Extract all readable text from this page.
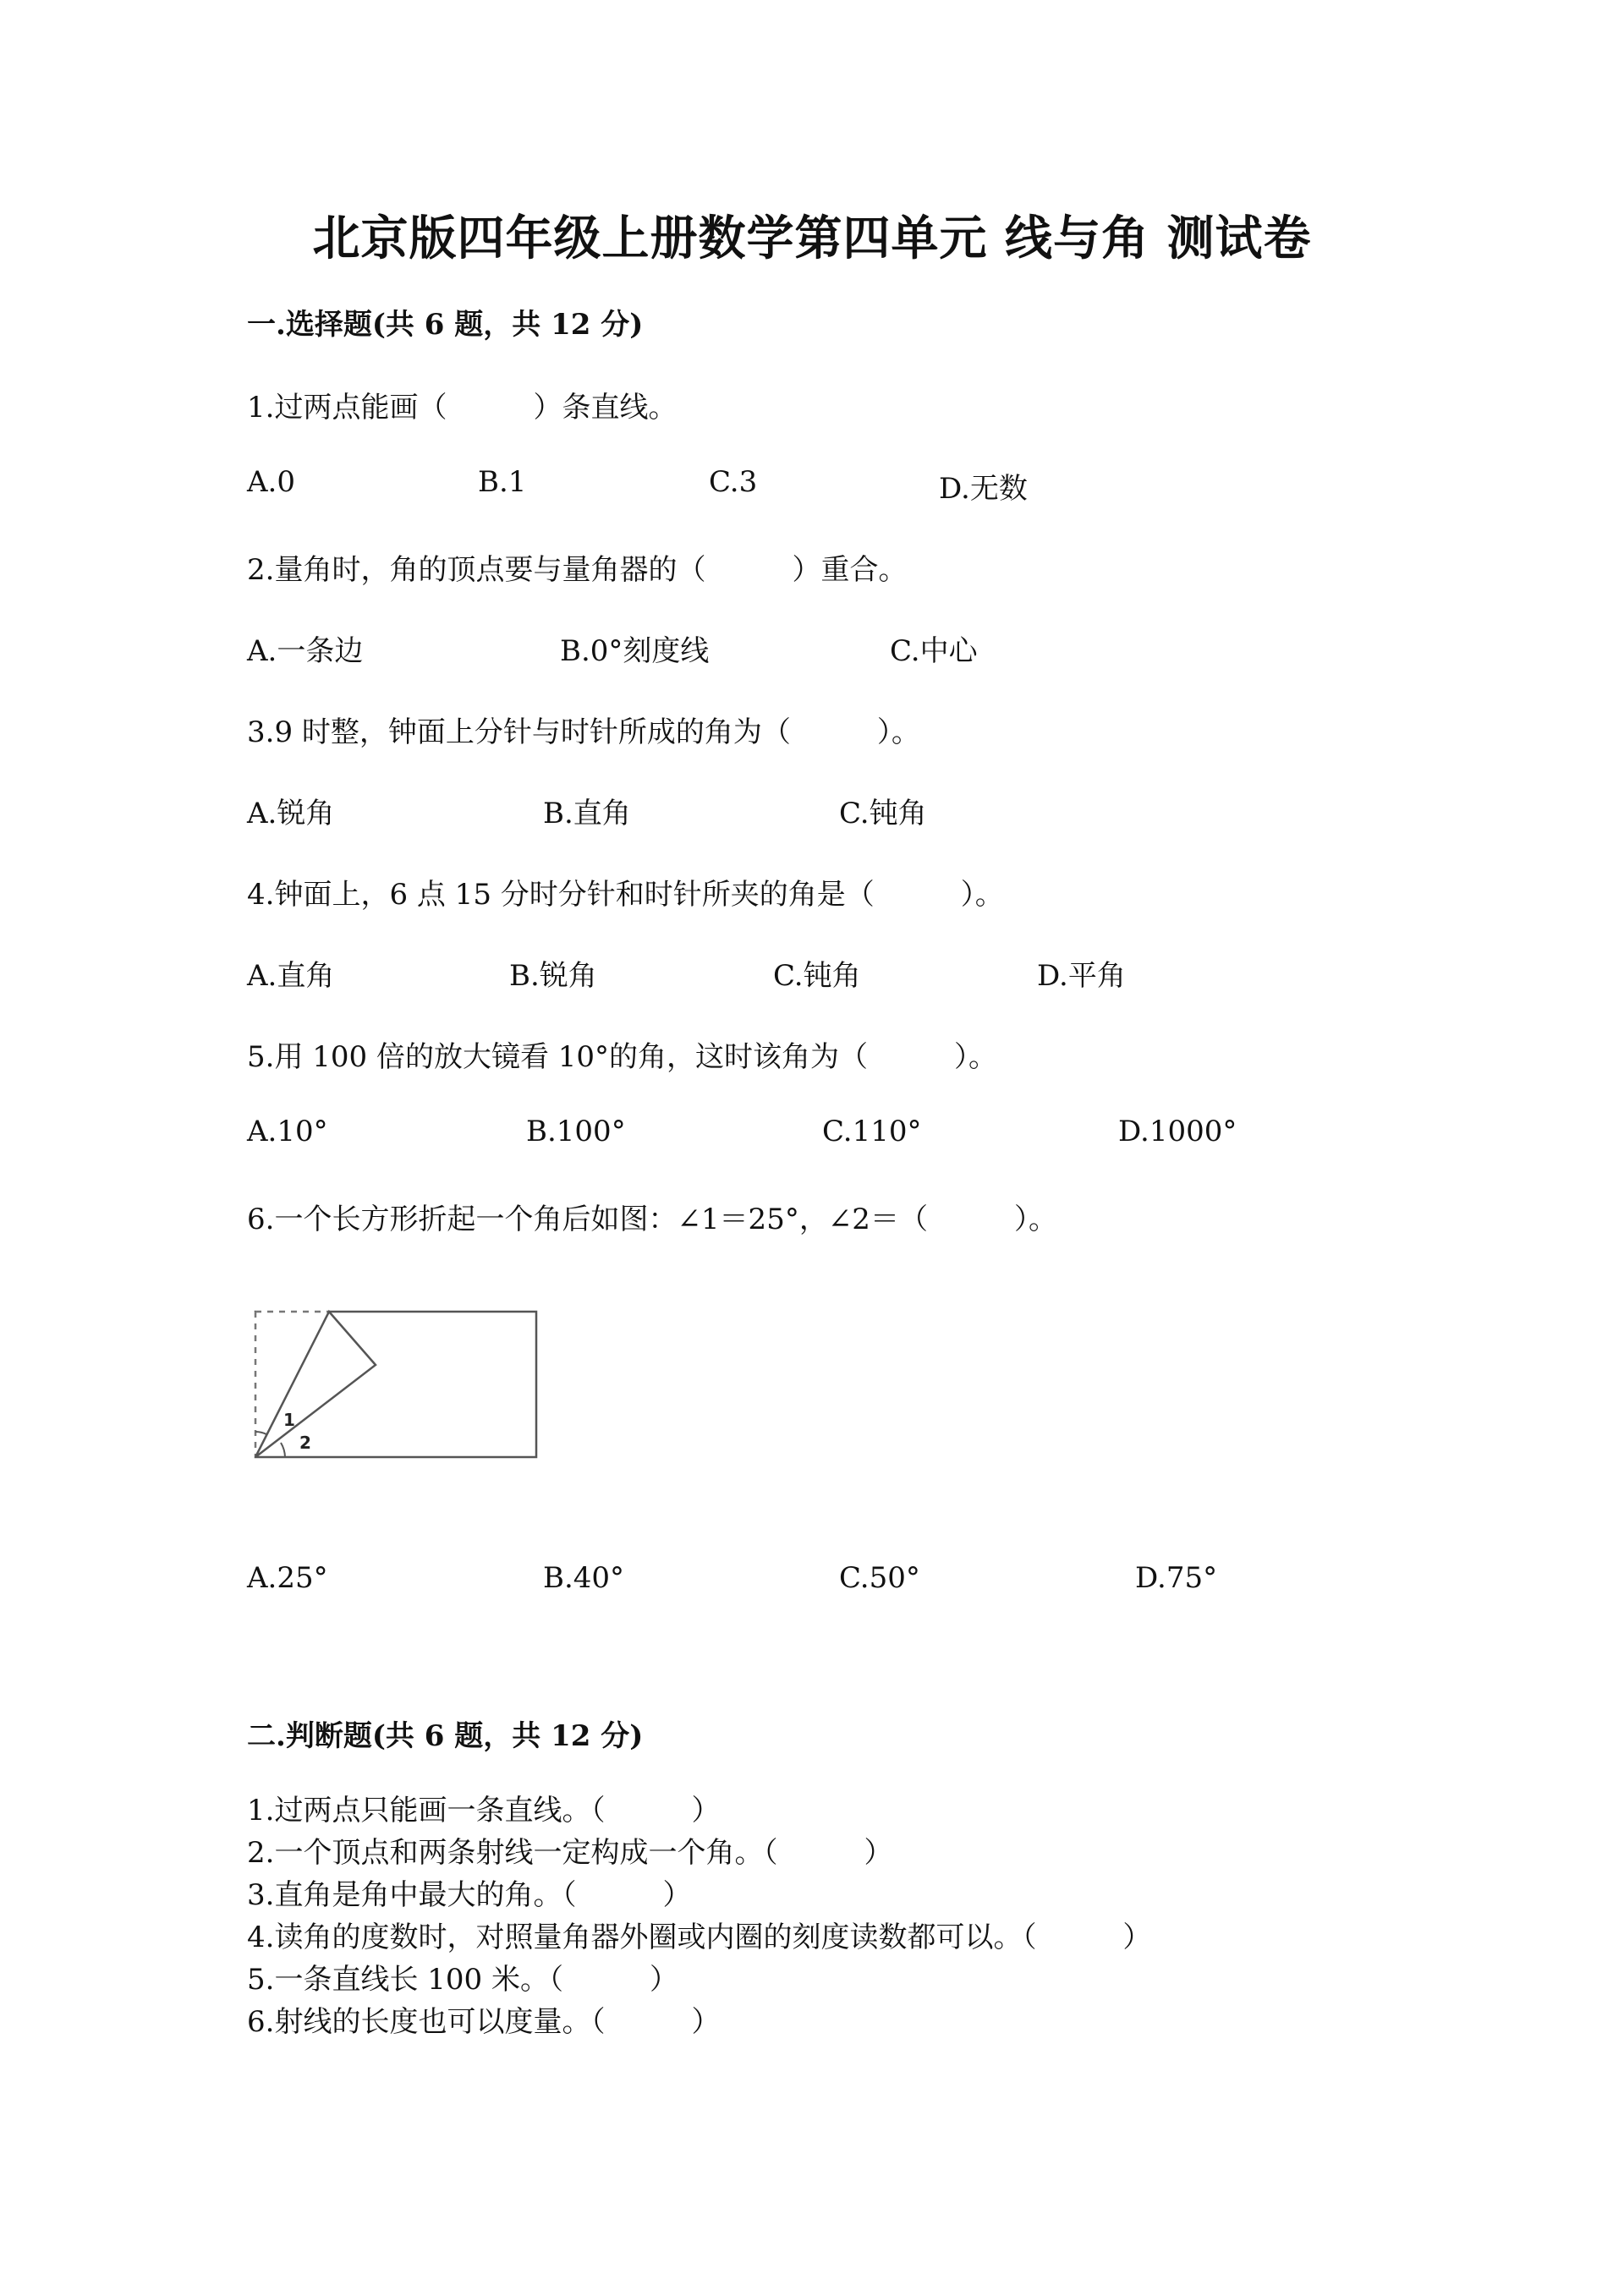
北京版四年级上册数学第四单元 线与角 测试卷
一.选择题(共 6 题，共 12 分)
1.过两点能画（　　　）条直线。
A.0	B.1	C.3	D.无数
2.量角时，角的顶点要与量角器的（　　　）重合。
A.一条边	B.0°刻度线	C.中心
3.9 时整，钟面上分针与时针所成的角为（　　　）。
A.锐角	B.直角	C.钝角
4.钟面上，6 点 15 分时分针和时针所夹的角是（　　　）。
A.直角	B.锐角	C.钝角	D.平角
5.用 100 倍的放大镜看 10°的角，这时该角为（　　　）。
A.10°	B.100°	C.110°	D.1000°
6.一个长方形折起一个角后如图：∠1＝25°，∠2＝（　　　）。
1
2
A.25°	B.40°	C.50°	D.75°
二.判断题(共 6 题，共 12 分)
1.过两点只能画一条直线。（　　　）
2.一个顶点和两条射线一定构成一个角。（　　　）
3.直角是角中最大的角。（　　　）
4.读角的度数时，对照量角器外圈或内圈的刻度读数都可以。（　　　）
5.一条直线长 100 米。（　　　）
6.射线的长度也可以度量。（　　　）
